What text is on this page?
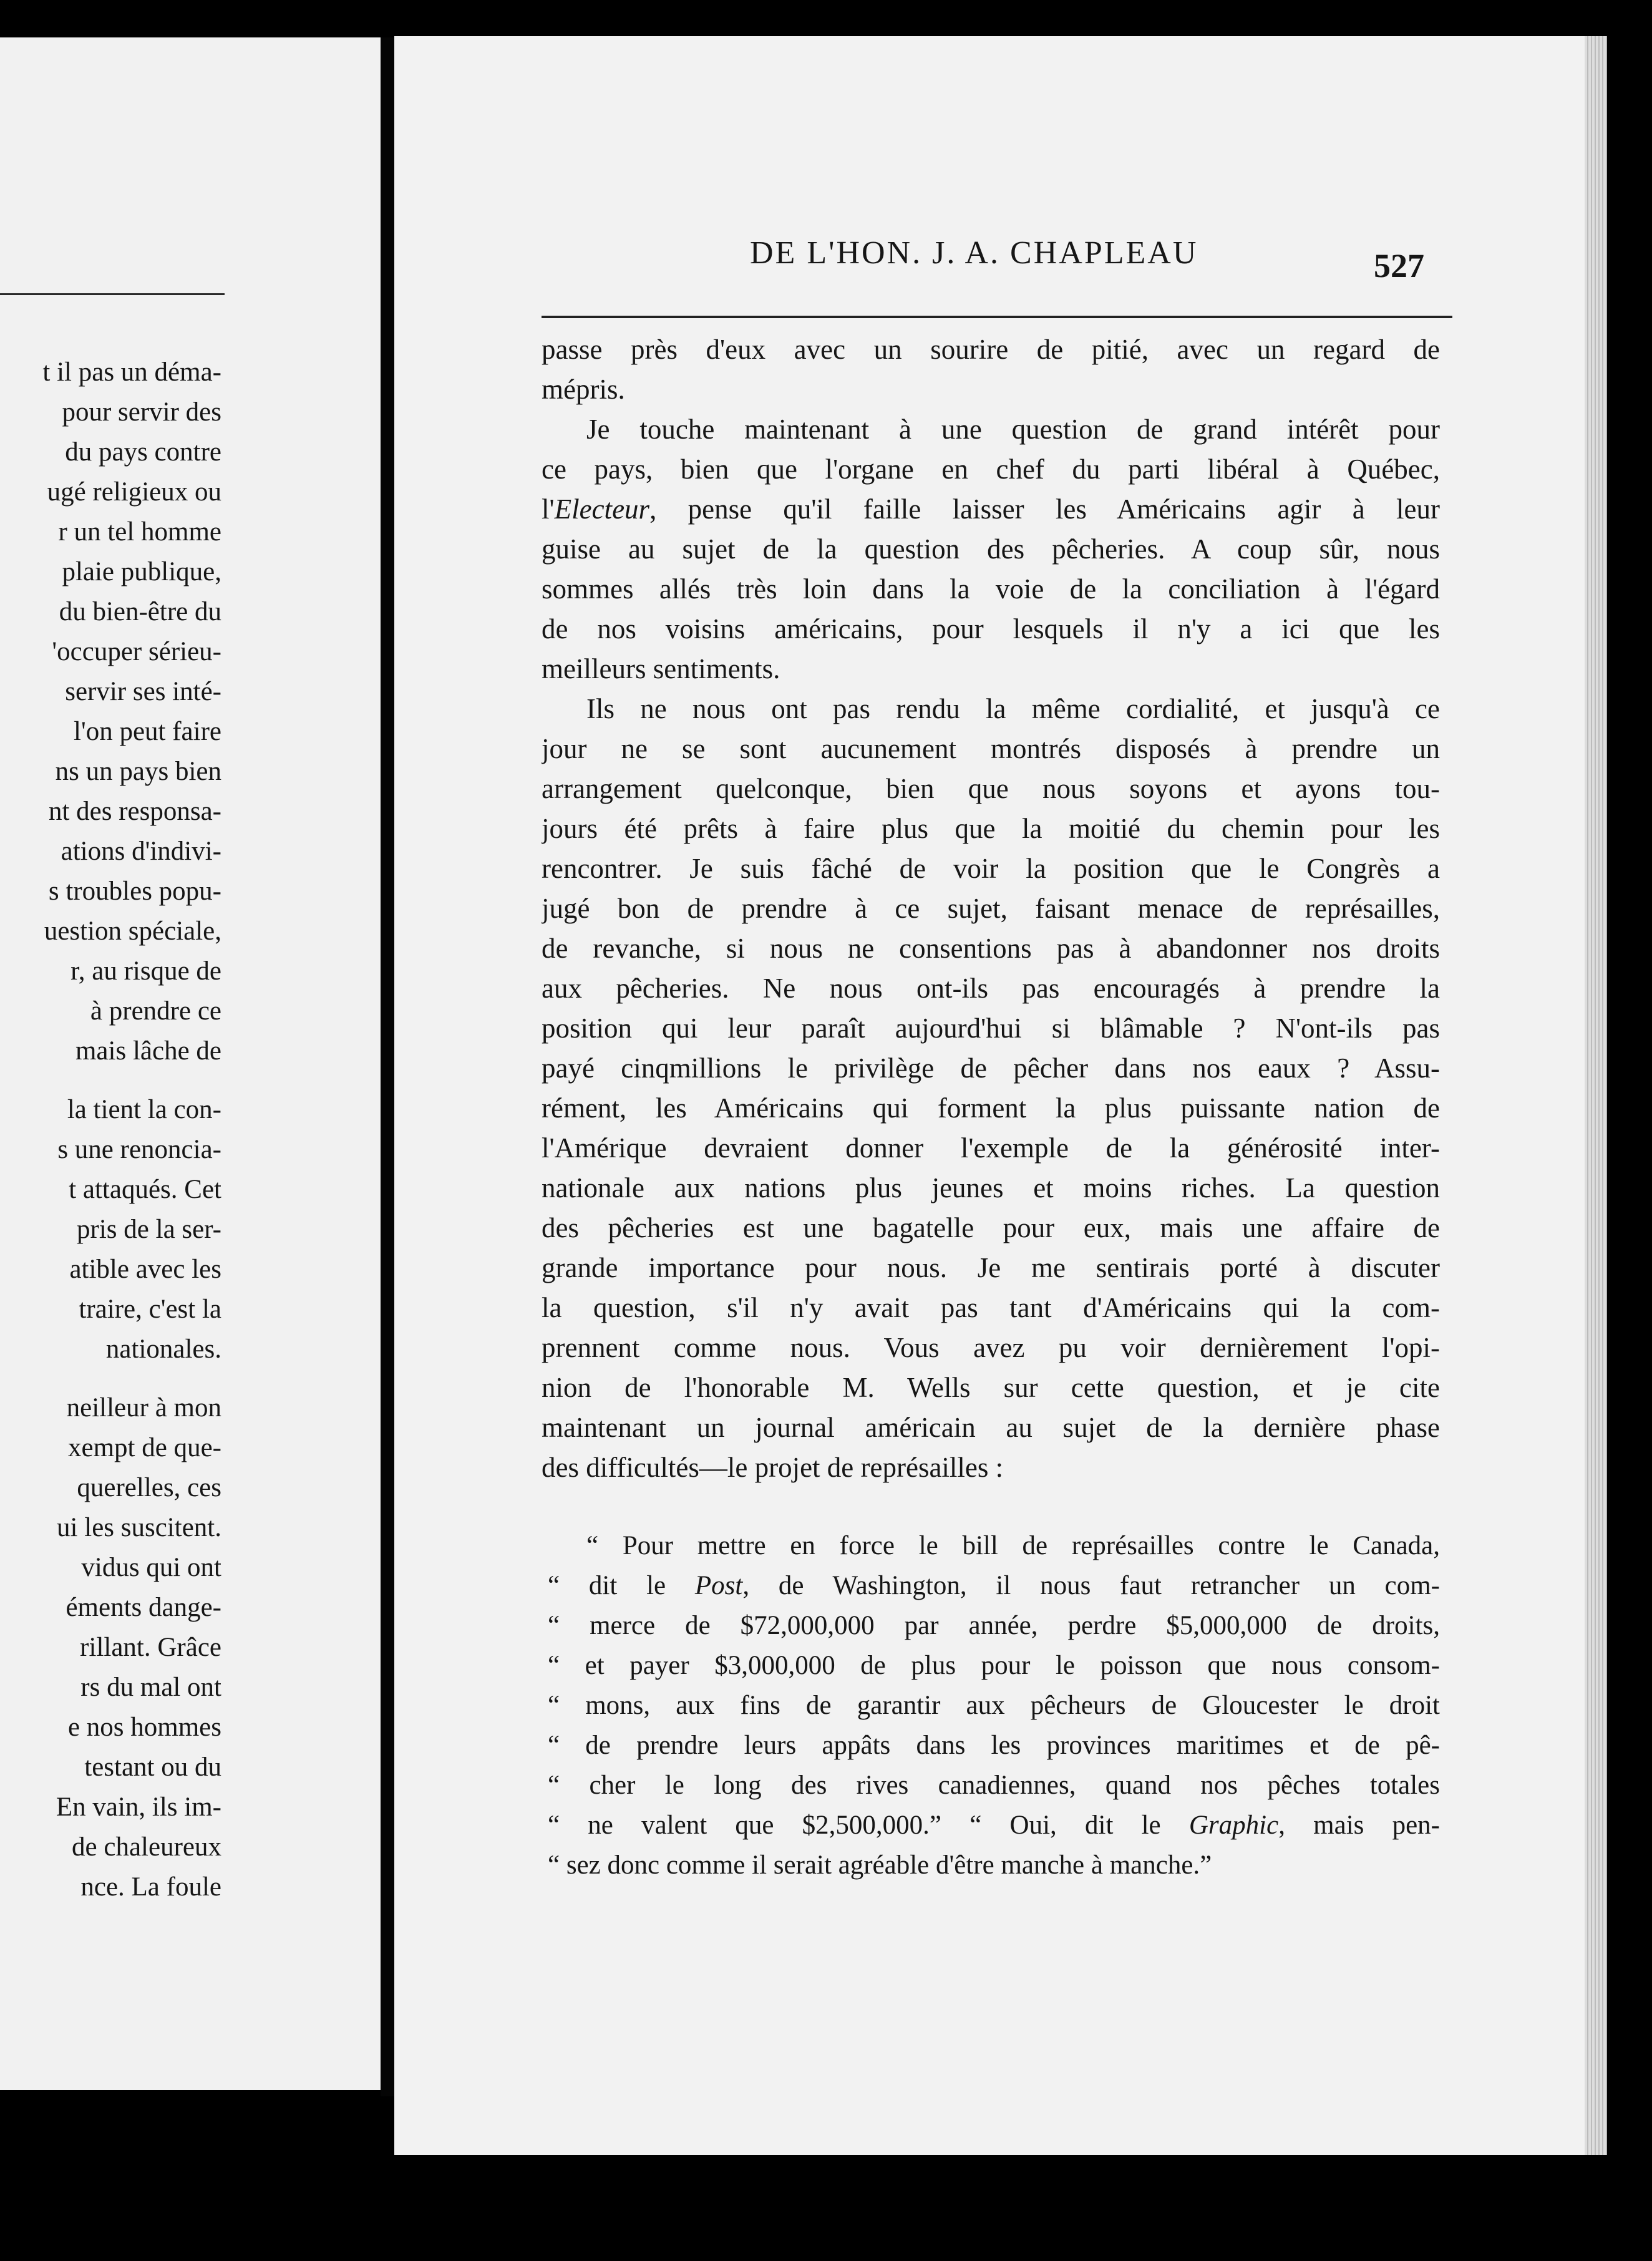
t il pas un déma-
pour servir des
du pays contre
ugé religieux ou
r un tel homme
plaie publique,
du bien-être du
'occuper sérieu-
servir ses inté-
l'on peut faire
ns un pays bien
nt des responsa-
ations d'indivi-
s troubles popu-
uestion spéciale,
r, au risque de
à prendre ce
mais lâche de
la tient la con-
s une renoncia-
t attaqués. Cet
pris de la ser-
atible avec les
traire, c'est la
nationales.
neilleur à mon
xempt de que-
querelles, ces
ui les suscitent.
vidus qui ont
éments dange-
rillant. Grâce
rs du mal ont
e nos hommes
testant ou du
En vain, ils im-
de chaleureux
nce. La foule
DE L'HON. J. A. CHAPLEAU	527
passe près d'eux avec un sourire de pitié, avec un regard de
mépris.
Je touche maintenant à une question de grand intérêt pour
ce pays, bien que l'organe en chef du parti libéral à Québec,
l'Electeur, pense qu'il faille laisser les Américains agir à leur
guise au sujet de la question des pêcheries. A coup sûr, nous
sommes allés très loin dans la voie de la conciliation à l'égard
de nos voisins américains, pour lesquels il n'y a ici que les
meilleurs sentiments.
Ils ne nous ont pas rendu la même cordialité, et jusqu'à ce
jour ne se sont aucunement montrés disposés à prendre un
arrangement quelconque, bien que nous soyons et ayons tou-
jours été prêts à faire plus que la moitié du chemin pour les
rencontrer. Je suis fâché de voir la position que le Congrès a
jugé bon de prendre à ce sujet, faisant menace de représailles,
de revanche, si nous ne consentions pas à abandonner nos droits
aux pêcheries. Ne nous ont-ils pas encouragés à prendre la
position qui leur paraît aujourd'hui si blâmable ? N'ont-ils pas
payé cinqmillions le privilège de pêcher dans nos eaux ? Assu-
rément, les Américains qui forment la plus puissante nation de
l'Amérique devraient donner l'exemple de la générosité inter-
nationale aux nations plus jeunes et moins riches. La question
des pêcheries est une bagatelle pour eux, mais une affaire de
grande importance pour nous. Je me sentirais porté à discuter
la question, s'il n'y avait pas tant d'Américains qui la com-
prennent comme nous. Vous avez pu voir dernièrement l'opi-
nion de l'honorable M. Wells sur cette question, et je cite
maintenant un journal américain au sujet de la dernière phase
des difficultés—le projet de représailles :
“ Pour mettre en force le bill de représailles contre le Canada,
“ dit le Post, de Washington, il nous faut retrancher un com-
“ merce de $72,000,000 par année, perdre $5,000,000 de droits,
“ et payer $3,000,000 de plus pour le poisson que nous consom-
“ mons, aux fins de garantir aux pêcheurs de Gloucester le droit
“ de prendre leurs appâts dans les provinces maritimes et de pê-
“ cher le long des rives canadiennes, quand nos pêches totales
“ ne valent que $2,500,000.” “ Oui, dit le Graphic, mais pen-
“ sez donc comme il serait agréable d'être manche à manche.”
